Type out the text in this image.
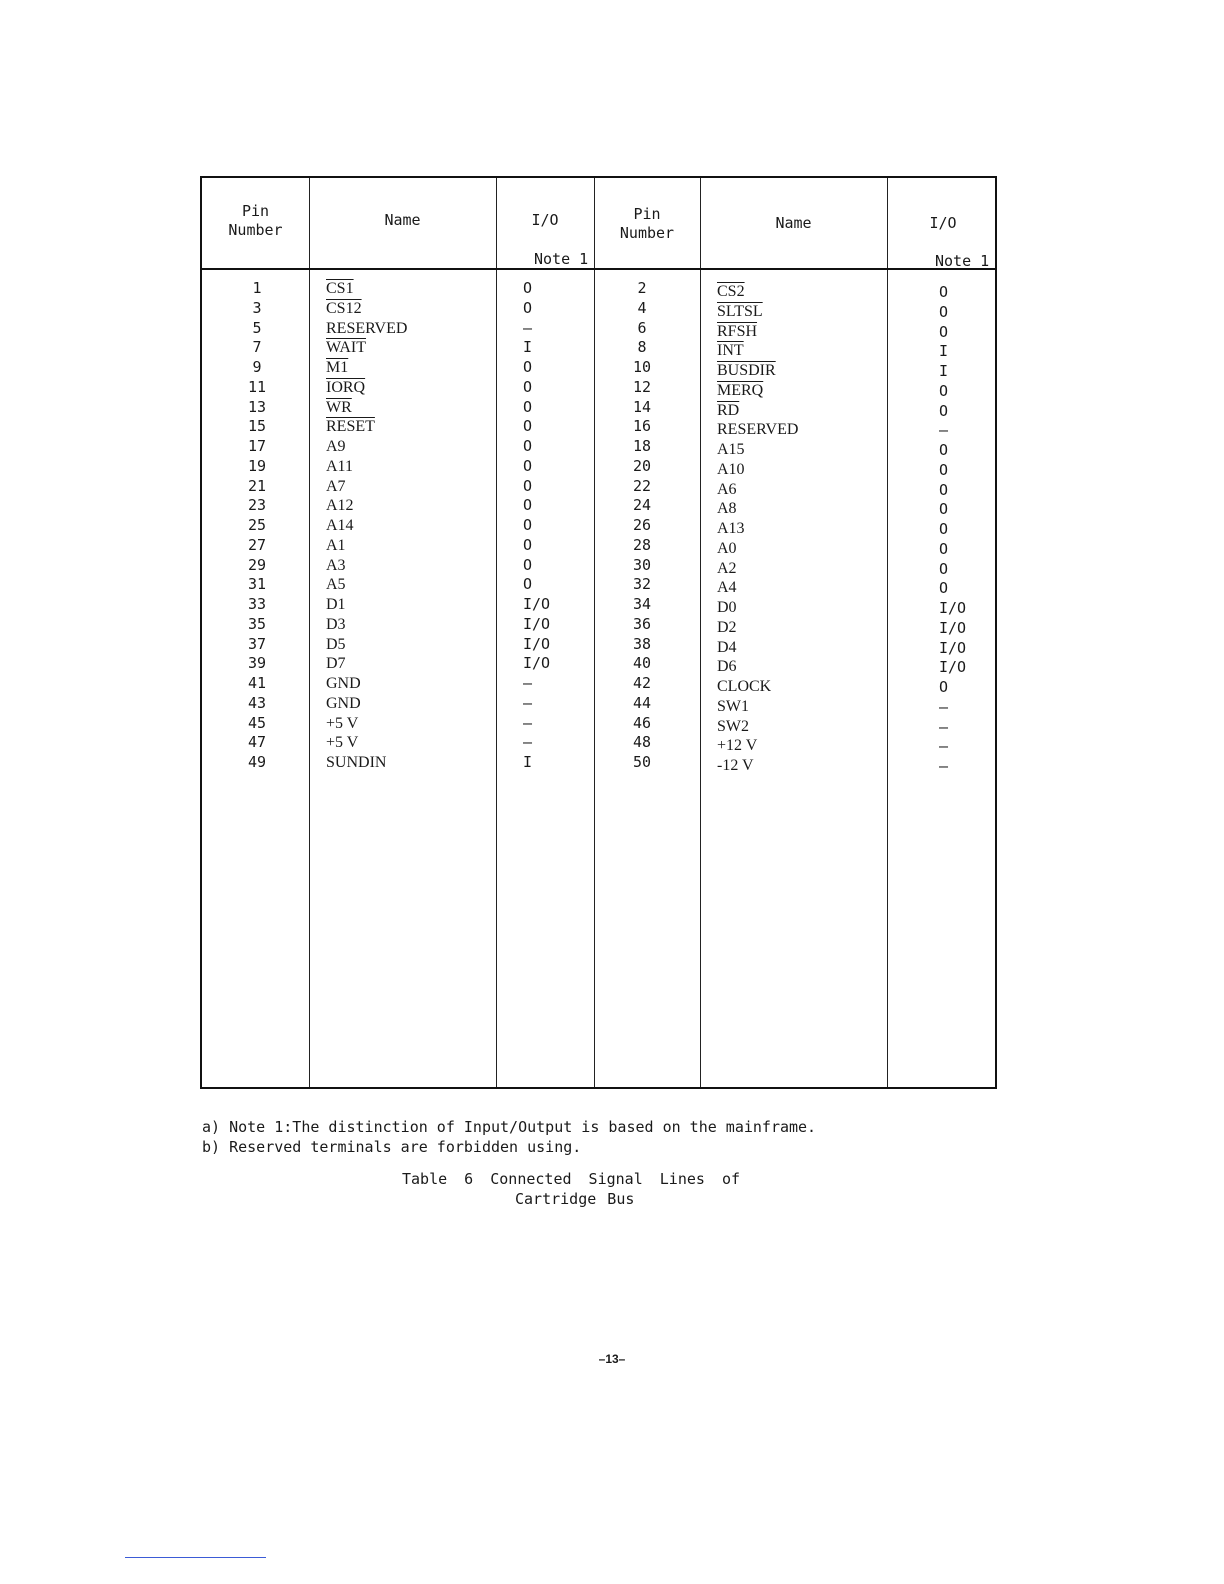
Pin
Number
Name	I/O
Note 1
Pin
Number
Name	I/O
Note 1
1
3
5
7
9
11
13
15
17
19
21
23
25
27
29
31
33
35
37
39
41
43
45
47
49
CS1
CS12
RESERVED
WAIT
M1
IORQ
$\overline{WR}$
RESET
A9
A11
A7
A12
A14
A1
A3
A5
D1
D3
D5
D7
GND
GND
+5 V
+5 V
SUNDIN
O
O
–
I
O
O
O
O
O
O
O
O
O
O
O
O
I/O
I/O
I/O
I/O
–
–
–
–
I
2
4
6
8
10
12
14
16
18
20
22
24
26
28
30
32
34
36
38
40
42
44
46
48
50
CS2
SLTSL
RFSH
$\overline{INT}$
BUSDIR
MERQ
$\overline{RD}$
RESERVED
A15
A10
A6
A8
A13
A0
A2
A4
D0
D2
D4
D6
CLOCK
SW1
SW2
+12 V
-12 V
O
O
O
I
I
O
O
–
O
O
O
O
O
O
O
O
I/O
I/O
I/O
I/O
O
–
–
–
–
a) Note 1:The distinction of Input/Output is based on the mainframe.
b) Reserved terminals are forbidden using.
Table 6 Connected Signal Lines of
Cartridge Bus
–13–
